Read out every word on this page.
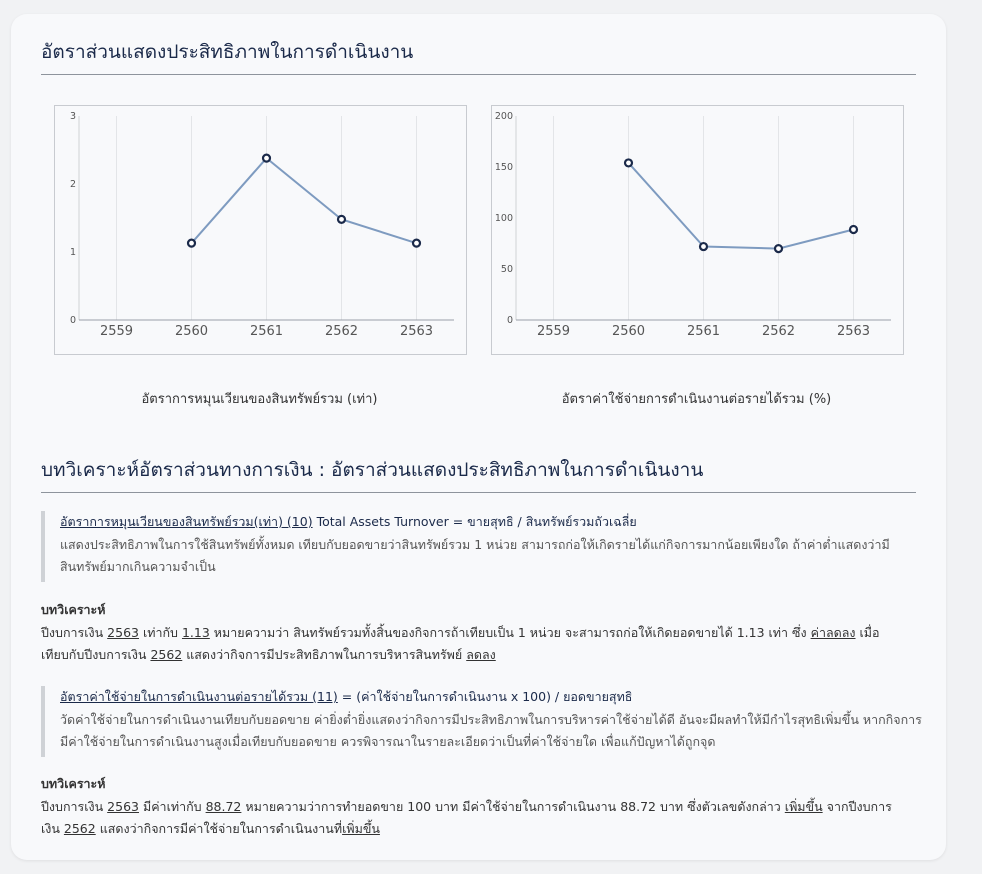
อัตราส่วนแสดงประสิทธิภาพในการดำเนินงาน
0
1
2
3
2559	2560	2561	2562	2563
0
50
100
150
200
2559	2560	2561	2562	2563
อัตราการหมุนเวียนของสินทรัพย์รวม (เท่า)	อัตราค่าใช้จ่ายการดำเนินงานต่อรายได้รวม (%)
บทวิเคราะห์อัตราส่วนทางการเงิน : อัตราส่วนแสดงประสิทธิภาพในการดำเนินงาน
อัตราการหมุนเวียนของสินทรัพย์รวม(เท่า) (10) Total Assets Turnover = ขายสุทธิ / สินทรัพย์รวมถัวเฉลี่ย
แสดงประสิทธิภาพในการใช้สินทรัพย์ทั้งหมด เทียบกับยอดขายว่าสินทรัพย์รวม 1 หน่วย สามารถก่อให้เกิดรายได้แก่กิจการมากน้อยเพียงใด ถ้าค่าต่ำแสดงว่ามีสินทรัพย์มากเกินความจำเป็น
บทวิเคราะห์
ปีงบการเงิน 2563 เท่ากับ 1.13 หมายความว่า สินทรัพย์รวมทั้งสิ้นของกิจการถ้าเทียบเป็น 1 หน่วย จะสามารถก่อให้เกิดยอดขายได้ 1.13 เท่า ซึ่ง ค่าลดลง เมื่อเทียบกับปีงบการเงิน 2562 แสดงว่ากิจการมีประสิทธิภาพในการบริหารสินทรัพย์ ลดลง
อัตราค่าใช้จ่ายในการดำเนินงานต่อรายได้รวม (11) = (ค่าใช้จ่ายในการดำเนินงาน x 100) / ยอดขายสุทธิ
วัดค่าใช้จ่ายในการดำเนินงานเทียบกับยอดขาย ค่ายิ่งต่ำยิ่งแสดงว่ากิจการมีประสิทธิภาพในการบริหารค่าใช้จ่ายได้ดี อันจะมีผลทำให้มีกำไรสุทธิเพิ่มขึ้น หากกิจการมีค่าใช้จ่ายในการดำเนินงานสูงเมื่อเทียบกับยอดขาย ควรพิจารณาในรายละเอียดว่าเป็นที่ค่าใช้จ่ายใด เพื่อแก้ปัญหาได้ถูกจุด
บทวิเคราะห์
ปีงบการเงิน 2563 มีค่าเท่ากับ 88.72 หมายความว่าการทำยอดขาย 100 บาท มีค่าใช้จ่ายในการดำเนินงาน 88.72 บาท ซึ่งตัวเลขดังกล่าว เพิ่มขึ้น จากปีงบการเงิน 2562 แสดงว่ากิจการมีค่าใช้จ่ายในการดำเนินงานที่เพิ่มขึ้น
